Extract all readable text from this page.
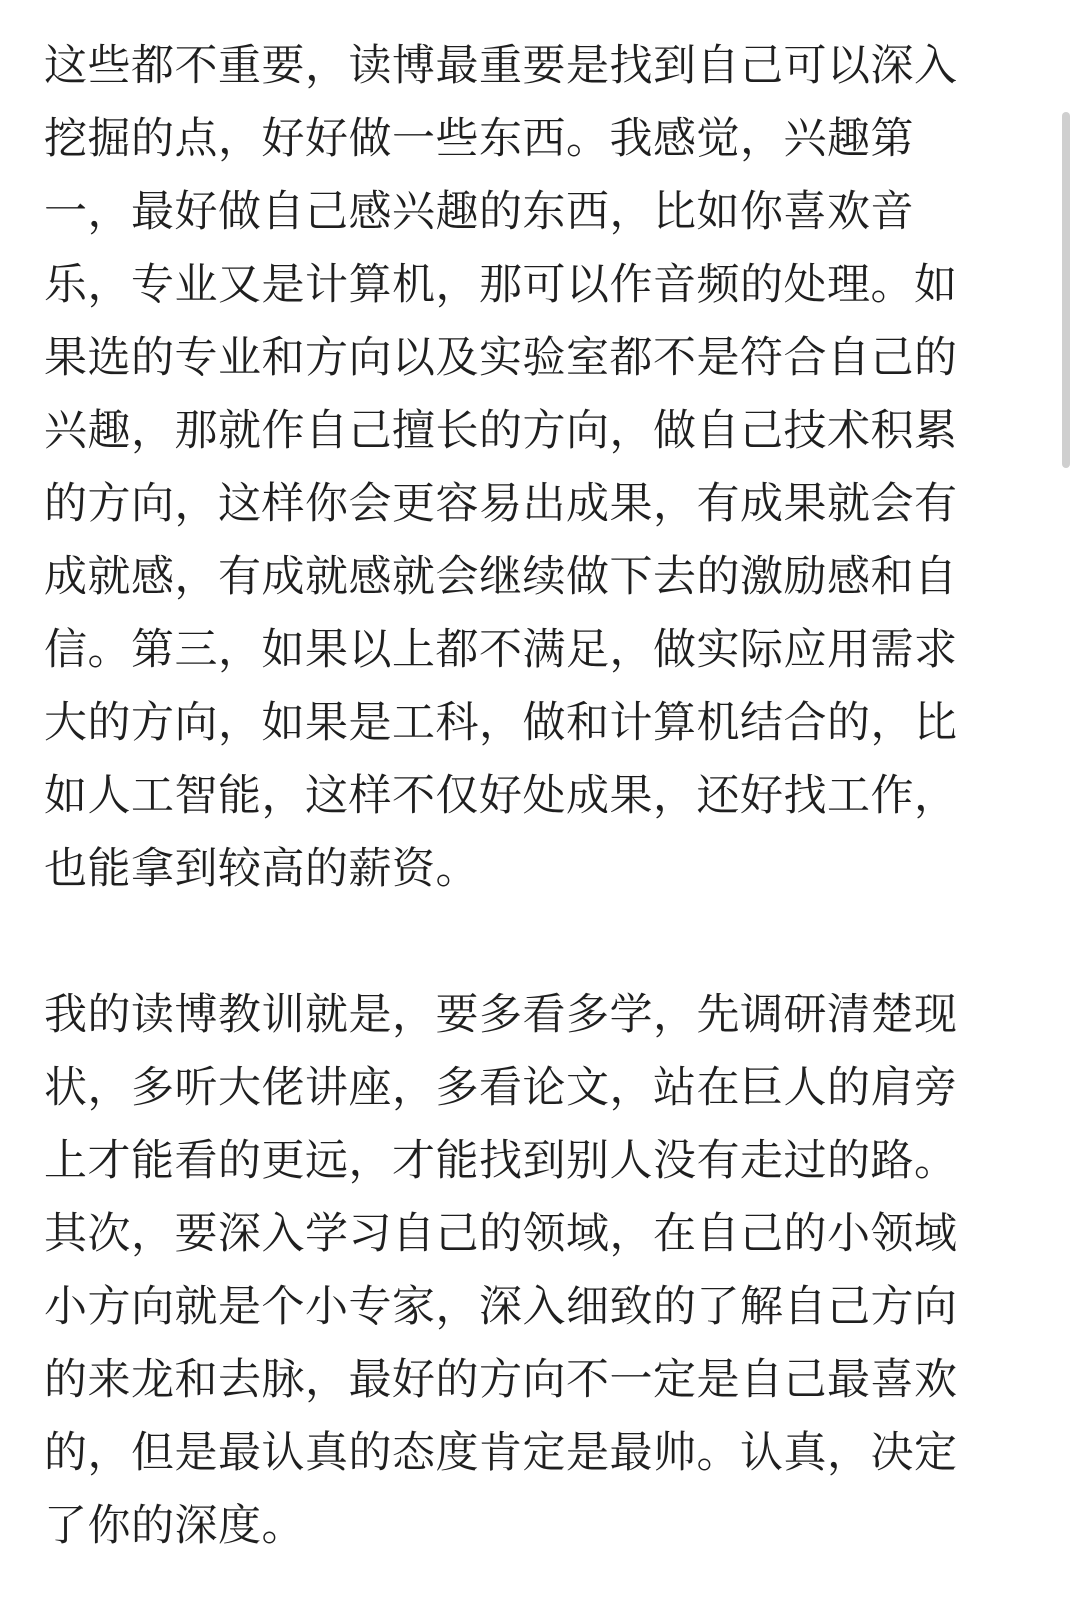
这些都不重要，读博最重要是找到自己可以深入
挖掘的点，好好做一些东西。我感觉，兴趣第
一，最好做自己感兴趣的东西，比如你喜欢音
乐，专业又是计算机，那可以作音频的处理。如
果选的专业和方向以及实验室都不是符合自己的
兴趣，那就作自己擅长的方向，做自己技术积累
的方向，这样你会更容易出成果，有成果就会有
成就感，有成就感就会继续做下去的激励感和自
信。第三，如果以上都不满足，做实际应用需求
大的方向，如果是工科，做和计算机结合的，比
如人工智能，这样不仅好处成果，还好找工作，
也能拿到较高的薪资。
我的读博教训就是，要多看多学，先调研清楚现
状，多听大佬讲座，多看论文，站在巨人的肩旁
上才能看的更远，才能找到别人没有走过的路。
其次，要深入学习自己的领域，在自己的小领域
小方向就是个小专家，深入细致的了解自己方向
的来龙和去脉，最好的方向不一定是自己最喜欢
的，但是最认真的态度肯定是最帅。认真，决定
了你的深度。
